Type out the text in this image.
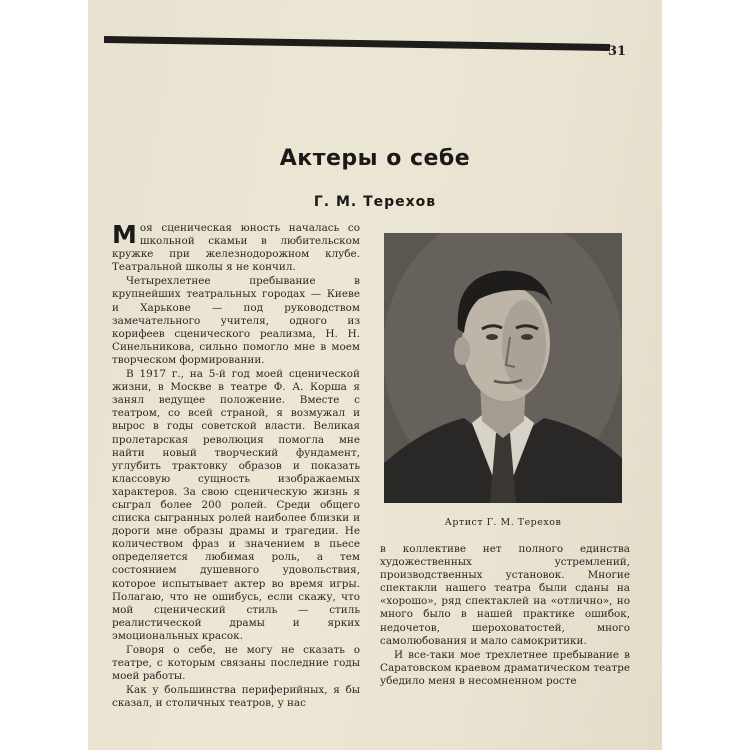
31
Актеры о себе
Г. М. Терехов

Моя сценическая юность началась со школьной скамьи в любительском кружке при железнодорожном клубе. Театральной школы я не кончил.

Четырехлетнее пребывание в крупнейших театральных городах — Киеве и Харькове — под руководством замечательного учителя, одного из корифеев сценического реализма, Н. Н. Синельникова, сильно помогло мне в моем творческом формировании.

В 1917 г., на 5-й год моей сценической жизни, в Москве в театре Ф. А. Корша я занял ведущее положение. Вместе с театром, со всей страной, я возмужал и вырос в годы советской власти. Великая пролетарская революция помогла мне найти новый творческий фундамент, углубить трактовку образов и показать классовую сущность изображаемых характеров. За свою сценическую жизнь я сыграл более 200 ролей. Среди общего списка сыгранных ролей наиболее близки и дороги мне образы драмы и трагедии. Не количеством фраз и значением в пьесе определяется любимая роль, а тем состоянием душевного удовольствия, которое испытывает актер во время игры. Полагаю, что не ошибусь, если скажу, что мой сценический стиль — стиль реалистической драмы и ярких эмоциональных красок.

Говоря о себе, не могу не сказать о театре, с которым связаны последние годы моей работы.

Как у большинства периферийных, я бы сказал, и столичных театров, у нас

Артист Г. М. Терехов

в коллективе нет полного единства художественных устремлений, производственных установок. Многие спектакли нашего театра были сданы на «хорошо», ряд спектаклей на «отлично», но много было в нашей практике ошибок, недочетов, шероховатостей, много самолюбования и мало самокритики.

И все-таки мое трехлетнее пребывание в Саратовском краевом драматическом театре убедило меня в несомненном росте
